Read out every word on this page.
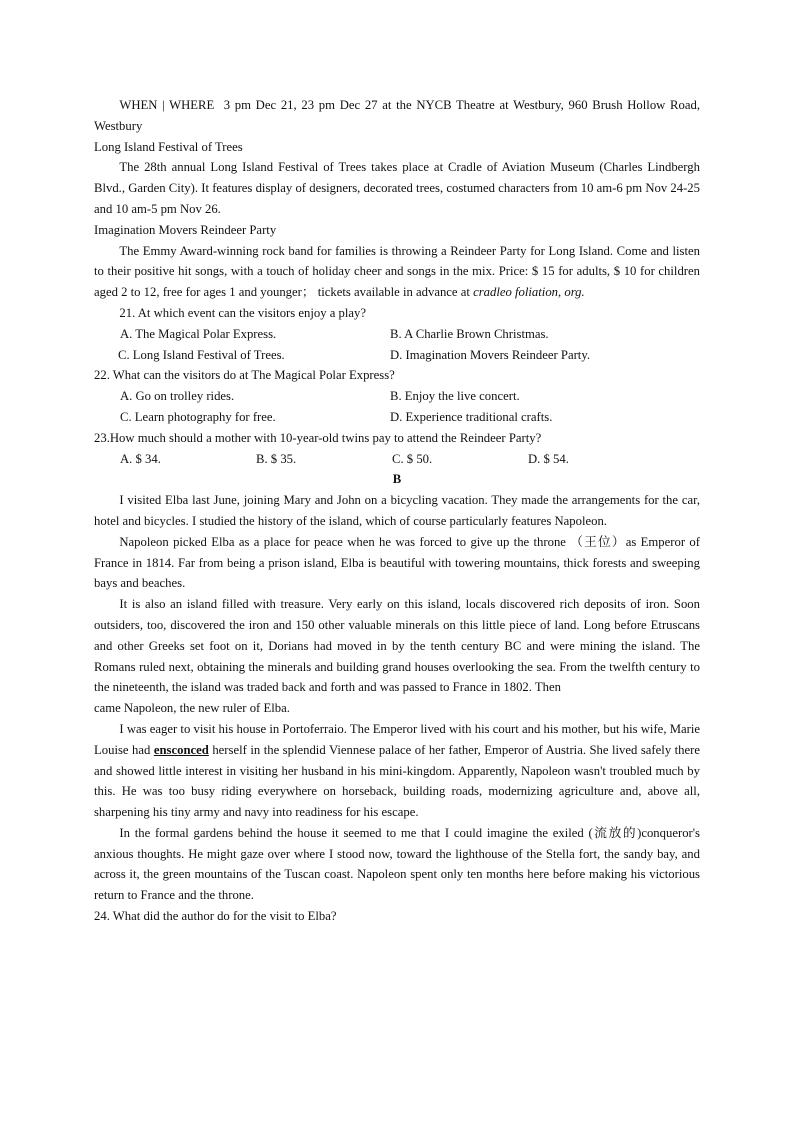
WHEN | WHERE 3 pm Dec 21, 23 pm Dec 27 at the NYCB Theatre at Westbury, 960 Brush Hollow Road, Westbury

Long Island Festival of Trees

The 28th annual Long Island Festival of Trees takes place at Cradle of Aviation Museum (Charles Lindbergh Blvd., Garden City). It features display of designers, decorated trees, costumed characters from 10 am-6 pm Nov 24-25 and 10 am-5 pm Nov 26.

Imagination Movers Reindeer Party

The Emmy Award-winning rock band for families is throwing a Reindeer Party for Long Island. Come and listen to their positive hit songs, with a touch of holiday cheer and songs in the mix. Price: $ 15 for adults, $ 10 for children aged 2 to 12, free for ages 1 and younger； tickets available in advance at cradleo foliation, org.

21. At which event can the visitors enjoy a play?

A. The Magical Polar Express.	B. A Charlie Brown Christmas.
C. Long Island Festival of Trees.	D. Imagination Movers Reindeer Party.

22. What can the visitors do at The Magical Polar Express?

A. Go on trolley rides.	B. Enjoy the live concert.
C. Learn photography for free.	D. Experience traditional crafts.

23.How much should a mother with 10-year-old twins pay to attend the Reindeer Party?

A. $ 34.	B. $ 35.	C. $ 50.	D. $ 54.

B

I visited Elba last June, joining Mary and John on a bicycling vacation. They made the arrangements for the car, hotel and bicycles. I studied the history of the island, which of course particularly features Napoleon.

Napoleon picked Elba as a place for peace when he was forced to give up the throne （王位）as Emperor of France in 1814. Far from being a prison island, Elba is beautiful with towering mountains, thick forests and sweeping bays and beaches.

It is also an island filled with treasure. Very early on this island, locals discovered rich deposits of iron. Soon outsiders, too, discovered the iron and 150 other valuable minerals on this little piece of land. Long before Etruscans and other Greeks set foot on it, Dorians had moved in by the tenth century BC and were mining the island. The Romans ruled next, obtaining the minerals and building grand houses overlooking the sea. From the twelfth century to the nineteenth, the island was traded back and forth and was passed to France in 1802. Then

came Napoleon, the new ruler of Elba.

I was eager to visit his house in Portoferraio. The Emperor lived with his court and his mother, but his wife, Marie Louise had ensconced herself in the splendid Viennese palace of her father, Emperor of Austria. She lived safely there and showed little interest in visiting her husband in his mini-kingdom. Apparently, Napoleon wasn't troubled much by this. He was too busy riding everywhere on horseback, building roads, modernizing agriculture and, above all, sharpening his tiny army and navy into readiness for his escape.

In the formal gardens behind the house it seemed to me that I could imagine the exiled (流放的)conqueror's anxious thoughts. He might gaze over where I stood now, toward the lighthouse of the Stella fort, the sandy bay, and across it, the green mountains of the Tuscan coast. Napoleon spent only ten months here before making his victorious return to France and the throne.

24. What did the author do for the visit to Elba?
